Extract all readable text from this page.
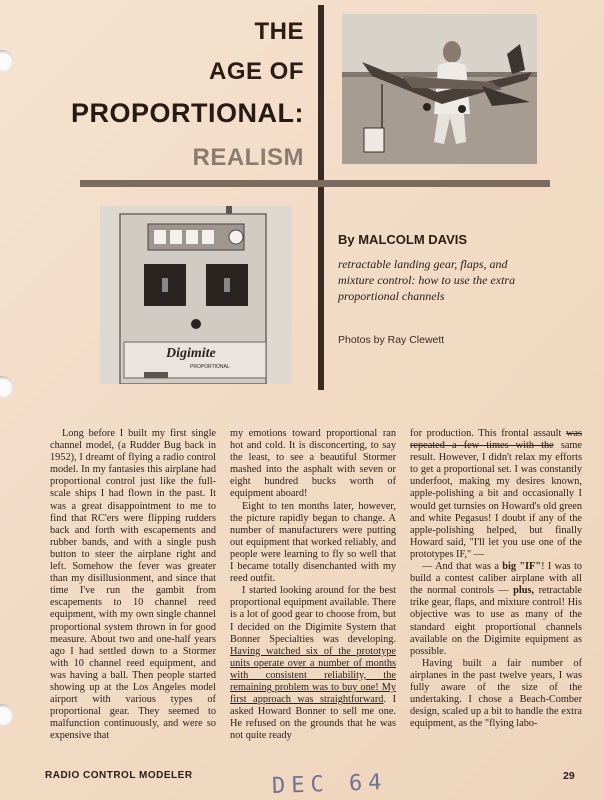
THE
AGE OF
PROPORTIONAL:
REALISM
Digimite
PROPORTIONAL
By MALCOLM DAVIS
retractable landing gear, flaps, and mixture control: how to use the extra proportional channels
Photos by Ray Clewett

Long before I built my first single channel model, (a Rudder Bug back in 1952), I dreamt of flying a radio control model. In my fantasies this airplane had proportional control just like the full-scale ships I had flown in the past. It was a great disappointment to me to find that RC'ers were flipping rudders back and forth with escapements and rubber bands, and with a single push button to steer the airplane right and left. Somehow the fever was greater than my disillusionment, and since that time I've run the gambit from escapements to 10 channel reed equipment, with my own single channel proportional system thrown in for good measure. About two and one-half years ago I had settled down to a Stormer with 10 channel reed equipment, and was having a ball. Then people started showing up at the Los Angeles model airport with various types of proportional gear. They seemed to malfunction continuously, and were so expensive that

my emotions toward proportional ran hot and cold. It is disconcerting, to say the least, to see a beautiful Stormer mashed into the asphalt with seven or eight hundred bucks worth of equipment aboard!

Eight to ten months later, however, the picture rapidly began to change. A number of manufacturers were putting out equipment that worked reliably, and people were learning to fly so well that I became totally disenchanted with my reed outfit.

I started looking around for the best proportional equipment available. There is a lot of good gear to choose from, but I decided on the Digimite System that Bonner Specialties was developing. Having watched six of the prototype units operate over a number of months with consistent reliability, the remaining problem was to buy one! My first approach was straightforward. I asked Howard Bonner to sell me one. He refused on the grounds that he was not quite ready

for production. This frontal assault was repeated a few times with the same result. However, I didn't relax my efforts to get a proportional set. I was constantly underfoot, making my desires known, apple-polishing a bit and occasionally I would get turnsies on Howard's old green and white Pegasus! I doubt if any of the apple-polishing helped, but finally Howard said, "I'll let you use one of the prototypes IF," —

— And that was a big "IF"! I was to build a contest caliber airplane with all the normal controls — plus, retractable trike gear, flaps, and mixture control! His objective was to use as many of the standard eight proportional channels available on the Digimite equipment as possible.

Having built a fair number of airplanes in the past twelve years, I was fully aware of the size of the undertaking. I chose a Beach-Comber design, scaled up a bit to handle the extra equipment, as the "flying labo-

RADIO CONTROL MODELER	DEC 64	29
